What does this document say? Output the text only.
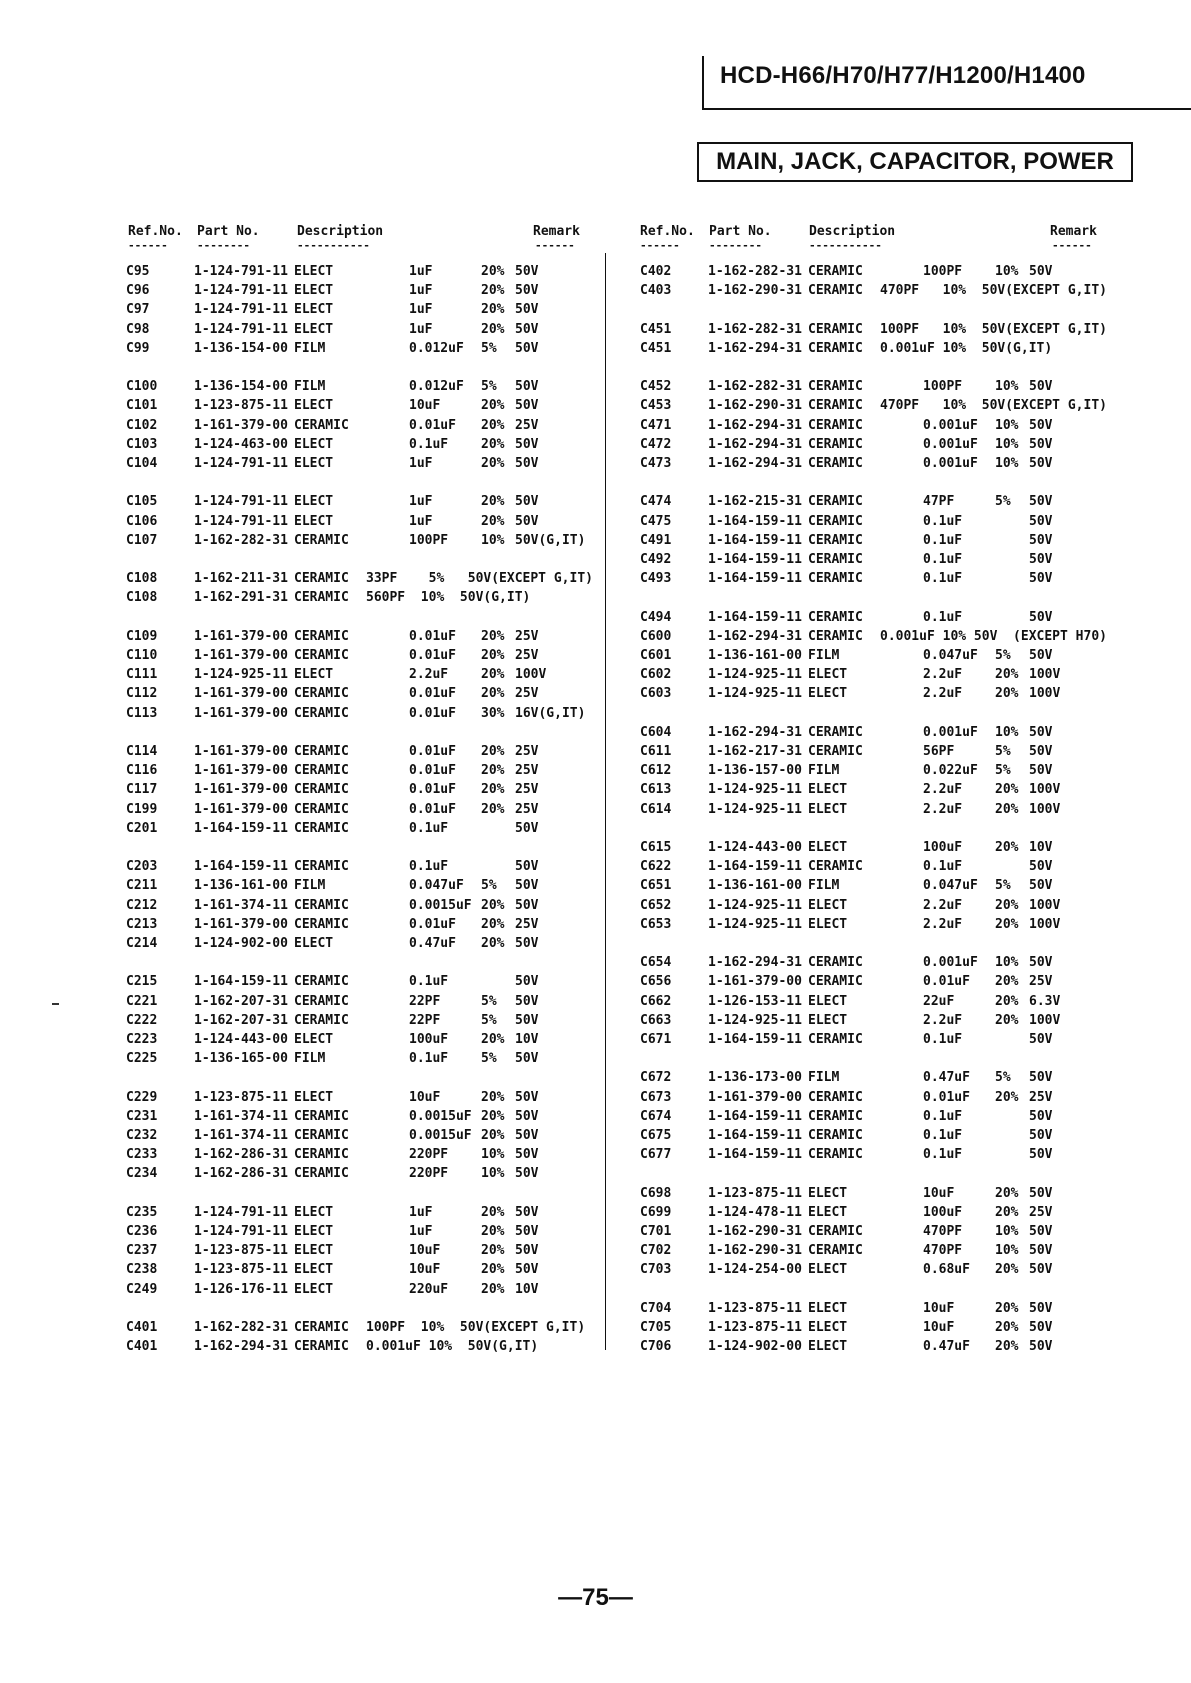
HCD-H66/H70/H77/H1200/H1400
MAIN, JACK, CAPACITOR, POWER
Ref.No. Part No.	Description	Remark
------	--------	-----------	------
Ref.No. Part No.	Description	Remark
------	--------	-----------	------
C95	1-124-791-11 ELECT	1uF	20% 50V
C96	1-124-791-11 ELECT	1uF	20% 50V
C97	1-124-791-11 ELECT	1uF	20% 50V
C98	1-124-791-11 ELECT	1uF	20% 50V
C99	1-136-154-00 FILM	0.012uF 5% 50V
C100	1-136-154-00 FILM	0.012uF 5% 50V
C101	1-123-875-11 ELECT	10uF	20% 50V
C102	1-161-379-00 CERAMIC	0.01uF 20% 25V
C103	1-124-463-00 ELECT	0.1uF	20% 50V
C104	1-124-791-11 ELECT	1uF	20% 50V
C105	1-124-791-11 ELECT	1uF	20% 50V
C106	1-124-791-11 ELECT	1uF	20% 50V
C107	1-162-282-31 CERAMIC	100PF	10% 50V(G,IT)
C108	1-162-211-31 CERAMIC 33PF    5%   50V(EXCEPT G,IT)
C108	1-162-291-31 CERAMIC 560PF  10%  50V(G,IT)
C109	1-161-379-00 CERAMIC	0.01uF 20% 25V
C110	1-161-379-00 CERAMIC	0.01uF 20% 25V
C111	1-124-925-11 ELECT	2.2uF	20% 100V
C112	1-161-379-00 CERAMIC	0.01uF 20% 25V
C113	1-161-379-00 CERAMIC	0.01uF 30% 16V(G,IT)
C114	1-161-379-00 CERAMIC	0.01uF 20% 25V
C116	1-161-379-00 CERAMIC	0.01uF 20% 25V
C117	1-161-379-00 CERAMIC	0.01uF 20% 25V
C199	1-161-379-00 CERAMIC	0.01uF 20% 25V
C201	1-164-159-11 CERAMIC	0.1uF	50V
C203	1-164-159-11 CERAMIC	0.1uF	50V
C211	1-136-161-00 FILM	0.047uF 5% 50V
C212	1-161-374-11 CERAMIC	0.0015uF 20% 50V
C213	1-161-379-00 CERAMIC	0.01uF 20% 25V
C214	1-124-902-00 ELECT	0.47uF 20% 50V
C215	1-164-159-11 CERAMIC	0.1uF	50V
C221	1-162-207-31 CERAMIC	22PF	5% 50V
C222	1-162-207-31 CERAMIC	22PF	5% 50V
C223	1-124-443-00 ELECT	100uF	20% 10V
C225	1-136-165-00 FILM	0.1uF	5% 50V
C229	1-123-875-11 ELECT	10uF	20% 50V
C231	1-161-374-11 CERAMIC	0.0015uF 20% 50V
C232	1-161-374-11 CERAMIC	0.0015uF 20% 50V
C233	1-162-286-31 CERAMIC	220PF	10% 50V
C234	1-162-286-31 CERAMIC	220PF	10% 50V
C235	1-124-791-11 ELECT	1uF	20% 50V
C236	1-124-791-11 ELECT	1uF	20% 50V
C237	1-123-875-11 ELECT	10uF	20% 50V
C238	1-123-875-11 ELECT	10uF	20% 50V
C249	1-126-176-11 ELECT	220uF	20% 10V
C401	1-162-282-31 CERAMIC 100PF  10%  50V(EXCEPT G,IT)
C401	1-162-294-31 CERAMIC 0.001uF 10%  50V(G,IT)
C402	1-162-282-31 CERAMIC	100PF	10% 50V
C403	1-162-290-31 CERAMIC 470PF   10%  50V(EXCEPT G,IT)
C451	1-162-282-31 CERAMIC 100PF   10%  50V(EXCEPT G,IT)
C451	1-162-294-31 CERAMIC 0.001uF 10%  50V(G,IT)
C452	1-162-282-31 CERAMIC	100PF	10% 50V
C453	1-162-290-31 CERAMIC 470PF   10%  50V(EXCEPT G,IT)
C471	1-162-294-31 CERAMIC	0.001uF 10% 50V
C472	1-162-294-31 CERAMIC	0.001uF 10% 50V
C473	1-162-294-31 CERAMIC	0.001uF 10% 50V
C474	1-162-215-31 CERAMIC	47PF	5% 50V
C475	1-164-159-11 CERAMIC	0.1uF	50V
C491	1-164-159-11 CERAMIC	0.1uF	50V
C492	1-164-159-11 CERAMIC	0.1uF	50V
C493	1-164-159-11 CERAMIC	0.1uF	50V
C494	1-164-159-11 CERAMIC	0.1uF	50V
C600	1-162-294-31 CERAMIC 0.001uF 10% 50V  (EXCEPT H70)
C601	1-136-161-00 FILM	0.047uF 5% 50V
C602	1-124-925-11 ELECT	2.2uF	20% 100V
C603	1-124-925-11 ELECT	2.2uF	20% 100V
C604	1-162-294-31 CERAMIC	0.001uF 10% 50V
C611	1-162-217-31 CERAMIC	56PF	5% 50V
C612	1-136-157-00 FILM	0.022uF 5% 50V
C613	1-124-925-11 ELECT	2.2uF	20% 100V
C614	1-124-925-11 ELECT	2.2uF	20% 100V
C615	1-124-443-00 ELECT	100uF	20% 10V
C622	1-164-159-11 CERAMIC	0.1uF	50V
C651	1-136-161-00 FILM	0.047uF 5% 50V
C652	1-124-925-11 ELECT	2.2uF	20% 100V
C653	1-124-925-11 ELECT	2.2uF	20% 100V
C654	1-162-294-31 CERAMIC	0.001uF 10% 50V
C656	1-161-379-00 CERAMIC	0.01uF 20% 25V
C662	1-126-153-11 ELECT	22uF	20% 6.3V
C663	1-124-925-11 ELECT	2.2uF	20% 100V
C671	1-164-159-11 CERAMIC	0.1uF	50V
C672	1-136-173-00 FILM	0.47uF 5% 50V
C673	1-161-379-00 CERAMIC	0.01uF 20% 25V
C674	1-164-159-11 CERAMIC	0.1uF	50V
C675	1-164-159-11 CERAMIC	0.1uF	50V
C677	1-164-159-11 CERAMIC	0.1uF	50V
C698	1-123-875-11 ELECT	10uF	20% 50V
C699	1-124-478-11 ELECT	100uF	20% 25V
C701	1-162-290-31 CERAMIC	470PF	10% 50V
C702	1-162-290-31 CERAMIC	470PF	10% 50V
C703	1-124-254-00 ELECT	0.68uF 20% 50V
C704	1-123-875-11 ELECT	10uF	20% 50V
C705	1-123-875-11 ELECT	10uF	20% 50V
C706	1-124-902-00 ELECT	0.47uF 20% 50V
—75—
